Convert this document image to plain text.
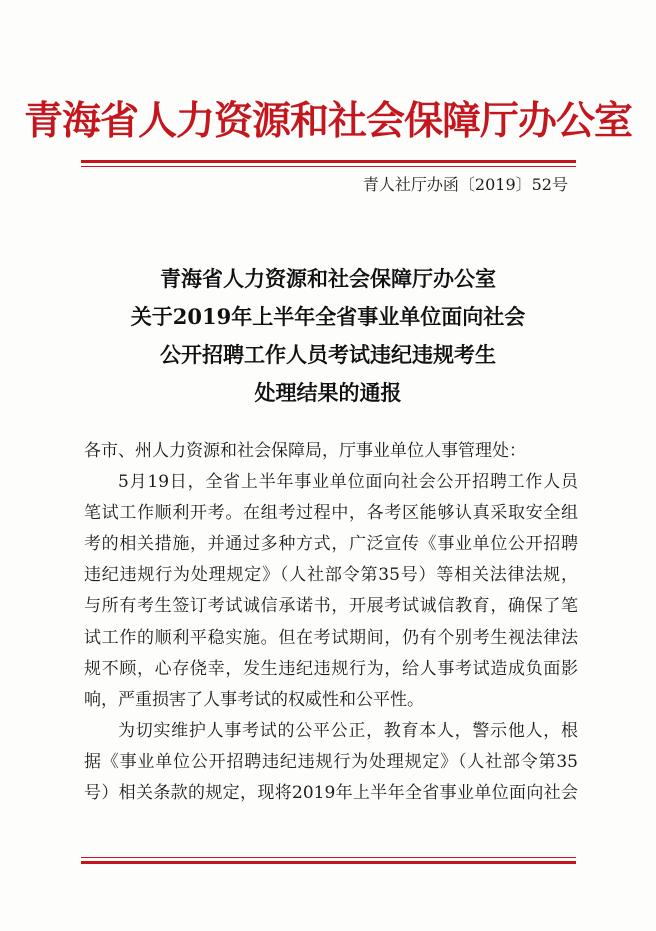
青海省人力资源和社会保障厅办公室
青人社厅办函〔2019〕52号
青海省人力资源和社会保障厅办公室
关于2019年上半年全省事业单位面向社会
公开招聘工作人员考试违纪违规考生
处理结果的通报
各市、州人力资源和社会保障局，厅事业单位人事管理处：
5月19日，全省上半年事业单位面向社会公开招聘工作人员
笔试工作顺利开考。在组考过程中，各考区能够认真采取安全组
考的相关措施，并通过多种方式，广泛宣传《事业单位公开招聘
违纪违规行为处理规定》（人社部令第35号）等相关法律法规，
与所有考生签订考试诚信承诺书，开展考试诚信教育，确保了笔
试工作的顺利平稳实施。但在考试期间，仍有个别考生视法律法
规不顾，心存侥幸，发生违纪违规行为，给人事考试造成负面影
响，严重损害了人事考试的权威性和公平性。
为切实维护人事考试的公平公正，教育本人，警示他人，根
据《事业单位公开招聘违纪违规行为处理规定》（人社部令第35
号）相关条款的规定，现将2019年上半年全省事业单位面向社会
